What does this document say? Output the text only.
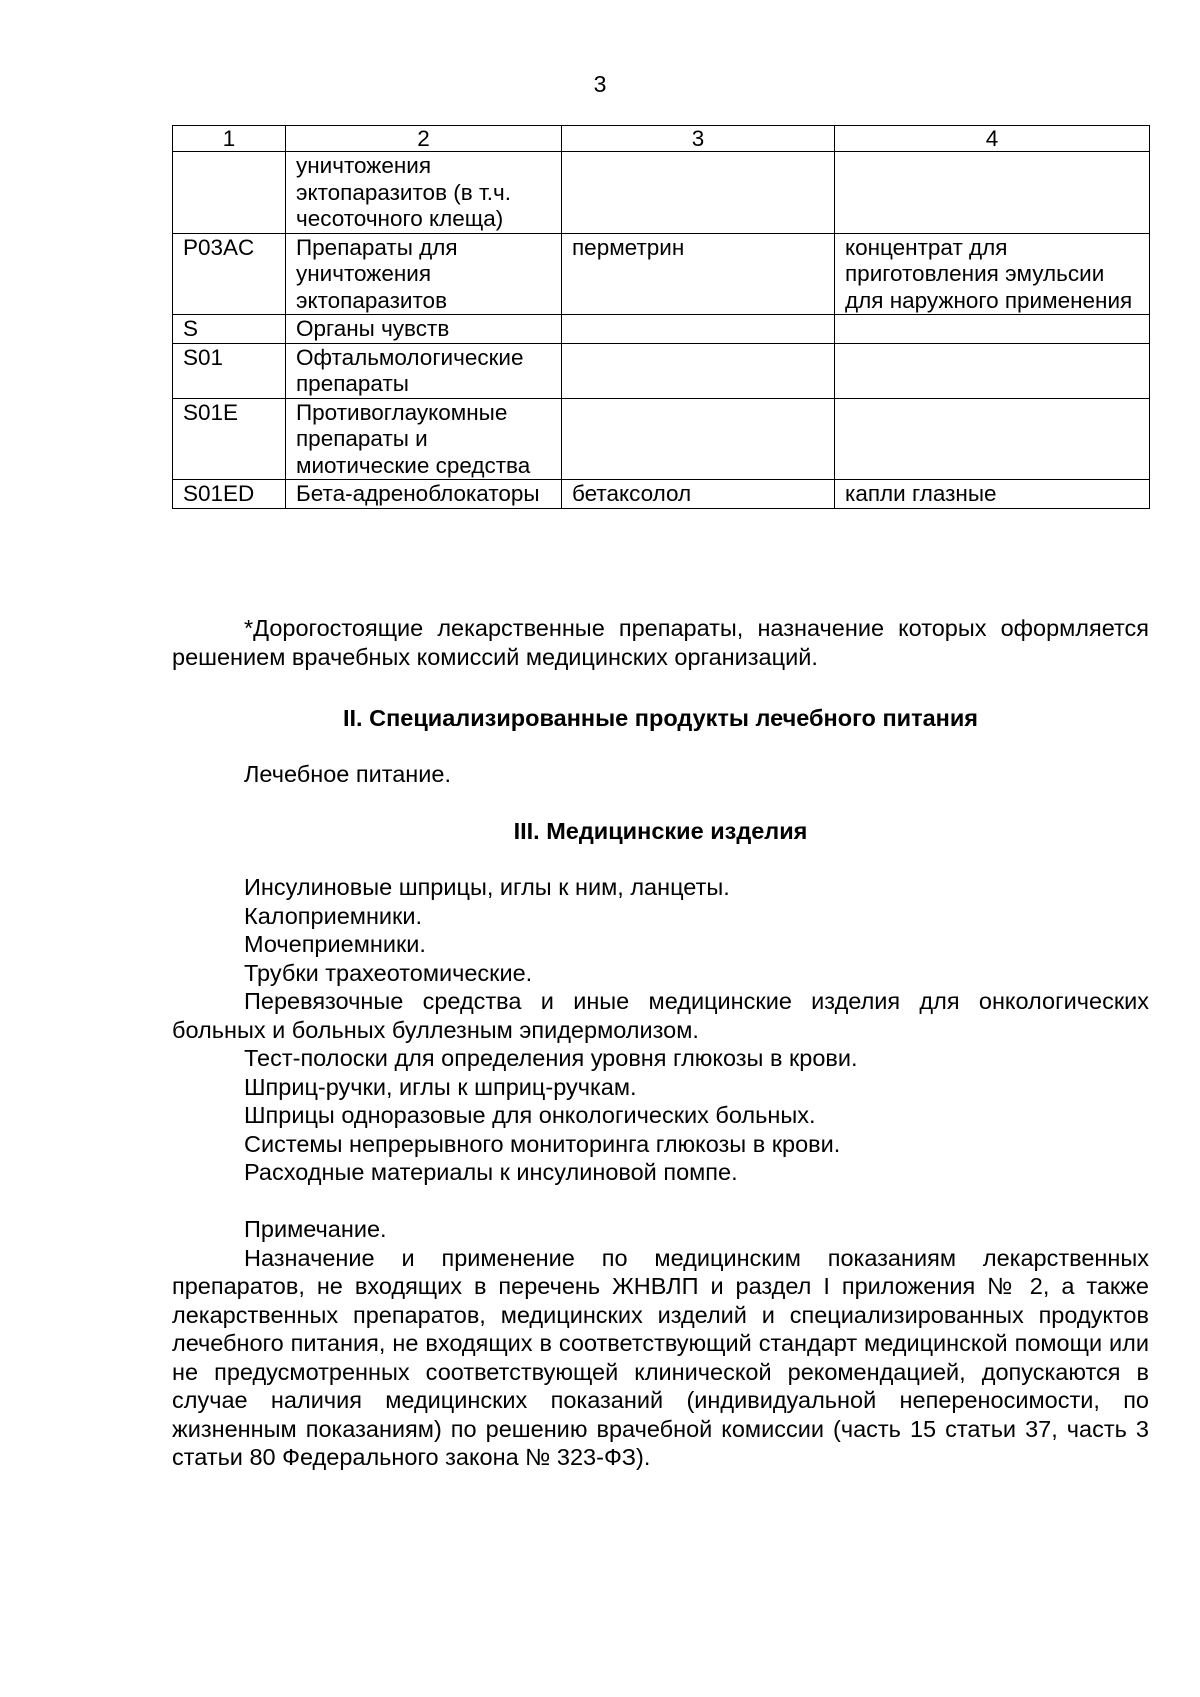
3
1	2	3	4
	уничтожения эктопаразитов (в т.ч. чесоточного клеща)		
P03AC	Препараты для уничтожения эктопаразитов	перметрин	концентрат для приготовления эмульсии для наружного применения
S	Органы чувств		
S01	Офтальмологические препараты		
S01E	Противоглаукомные препараты и миотические средства		
S01ED	Бета-адреноблокаторы	бетаксолол	капли глазные

*Дорогостоящие лекарственные препараты, назначение которых оформляется решением врачебных комиссий медицинских организаций.

II. Специализированные продукты лечебного питания

Лечебное питание.

III. Медицинские изделия

Инсулиновые шприцы, иглы к ним, ланцеты.

Калоприемники.

Мочеприемники.

Трубки трахеотомические.

Перевязочные средства и иные медицинские изделия для онкологических больных и больных буллезным эпидермолизом.

Тест-полоски для определения уровня глюкозы в крови.

Шприц-ручки, иглы к шприц-ручкам.

Шприцы одноразовые для онкологических больных.

Системы непрерывного мониторинга глюкозы в крови.

Расходные материалы к инсулиновой помпе.

Примечание.

Назначение и применение по медицинским показаниям лекарственных препаратов, не входящих в перечень ЖНВЛП и раздел I приложения № 2, а также лекарственных препаратов, медицинских изделий и специализированных продуктов лечебного питания, не входящих в соответствующий стандарт медицинской помощи или не предусмотренных соответствующей клинической рекомендацией, допускаются в случае наличия медицинских показаний (индивидуальной непереносимости, по жизненным показаниям) по решению врачебной комиссии (часть 15 статьи 37, часть 3 статьи 80 Федерального закона № 323-ФЗ).
